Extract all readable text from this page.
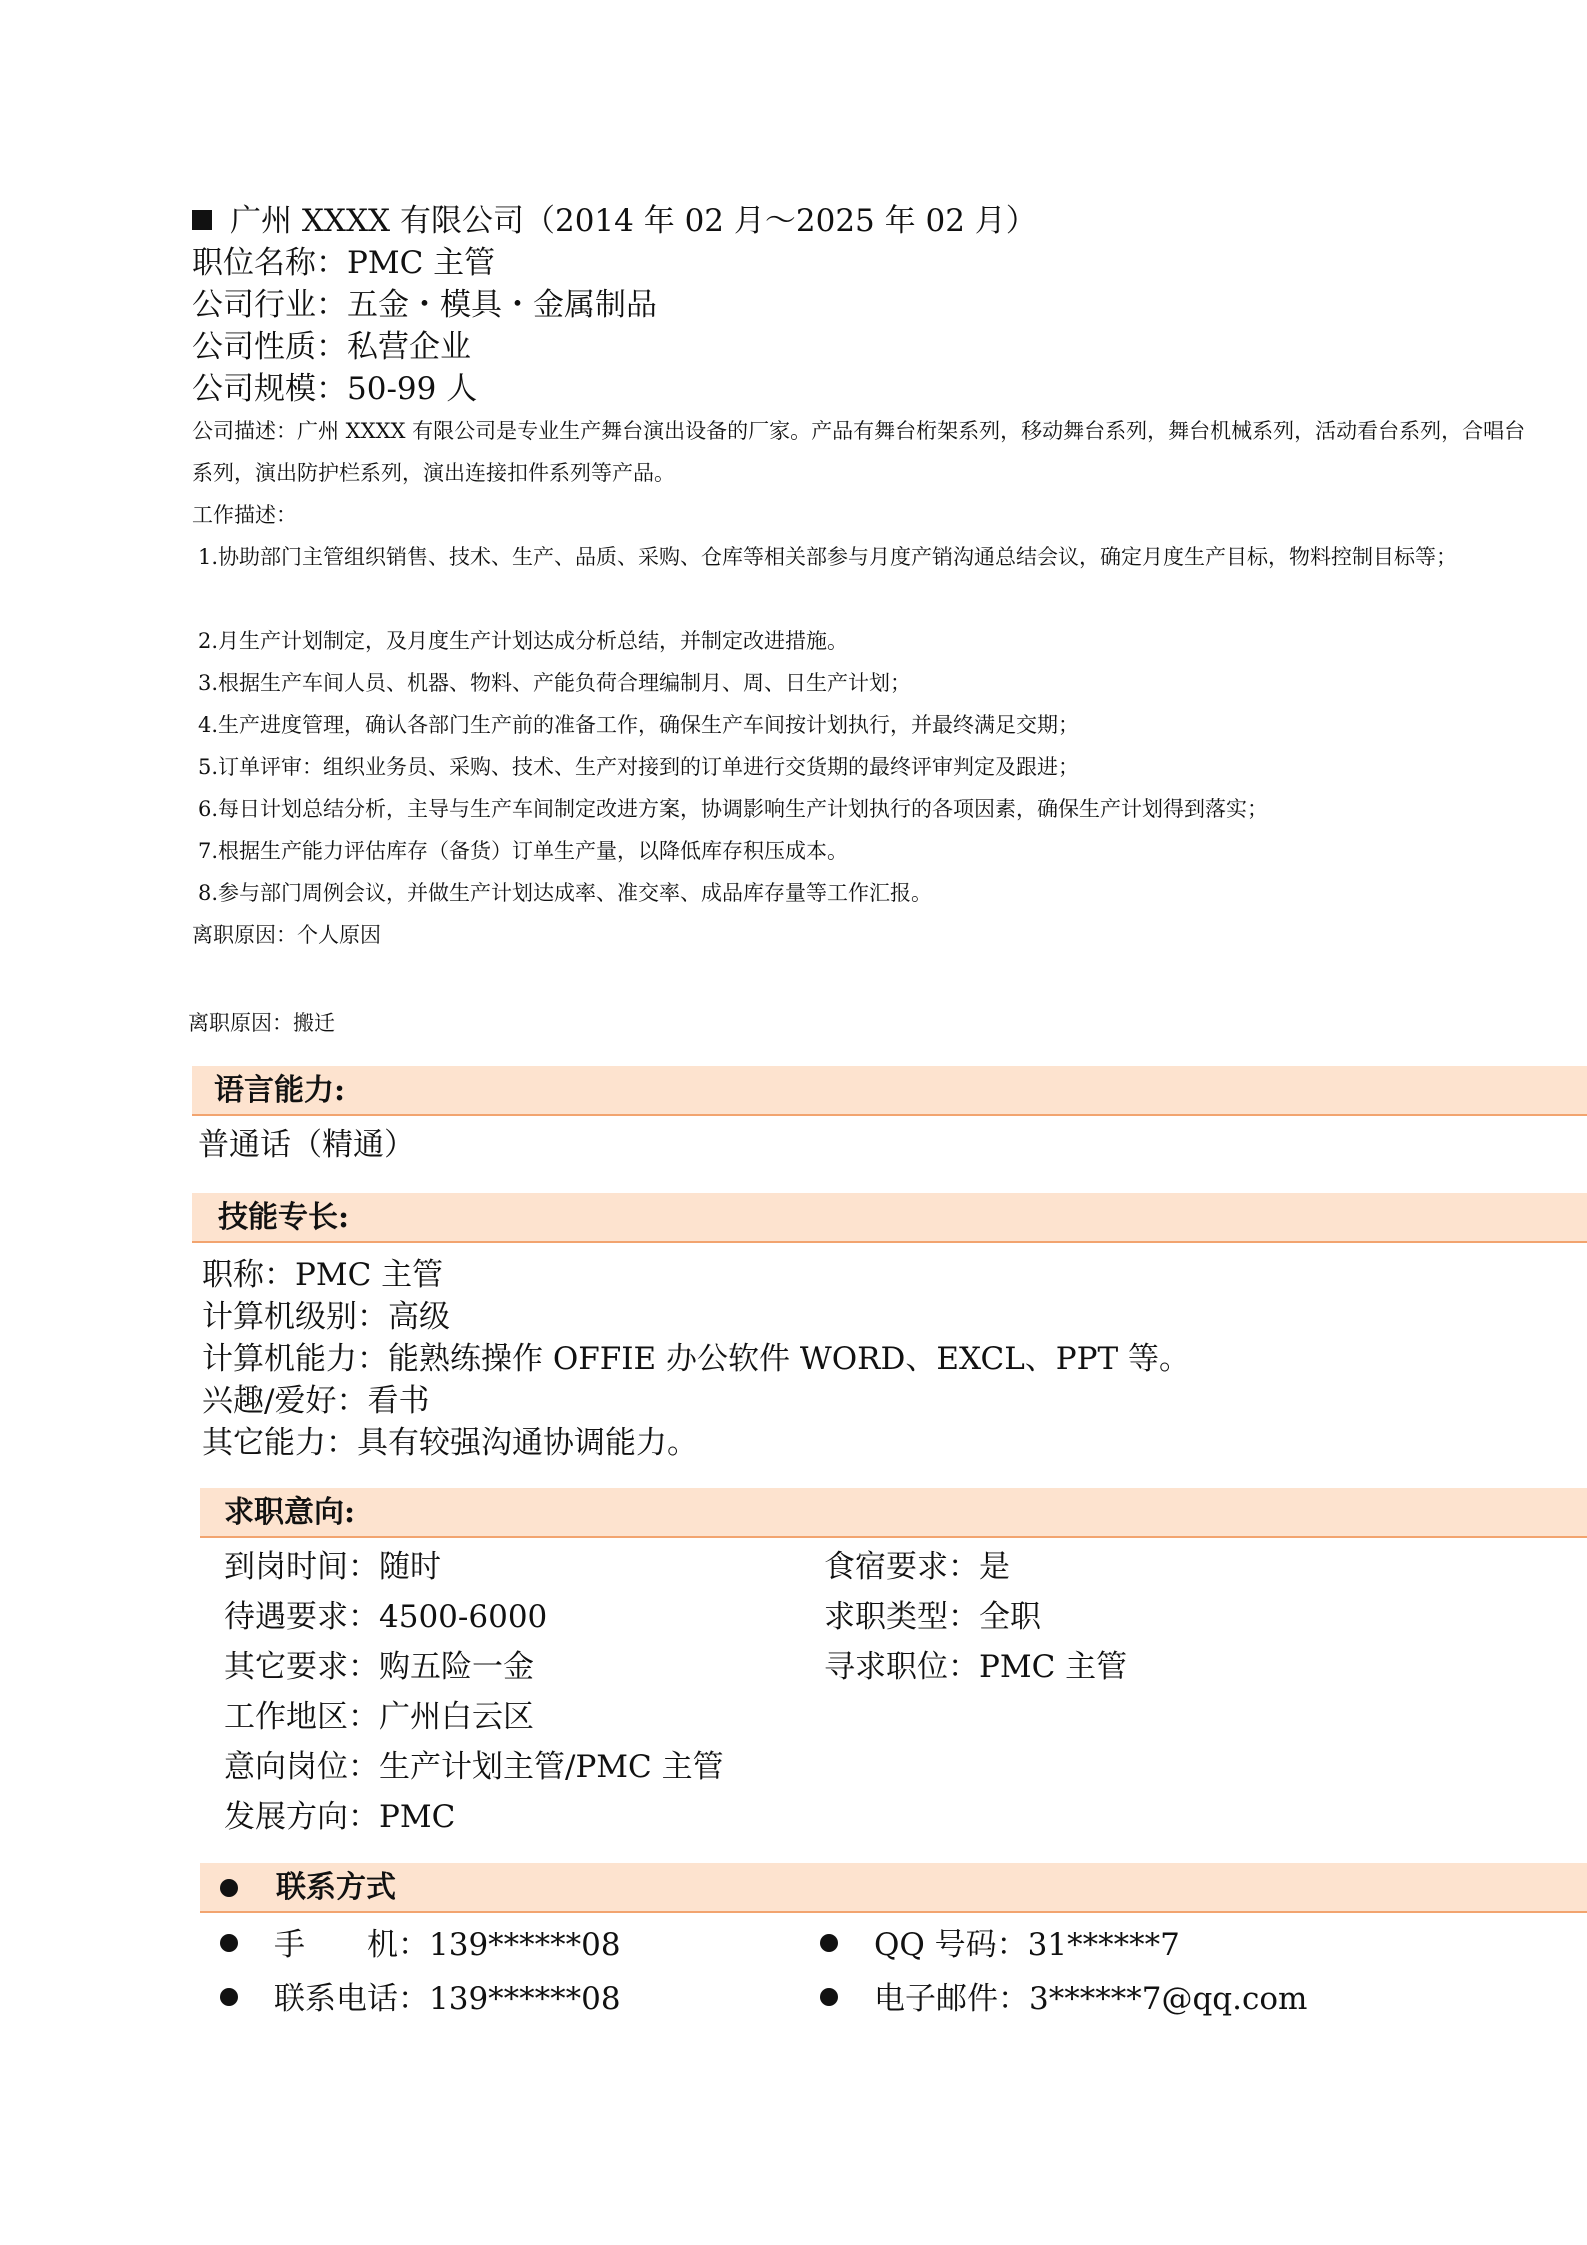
广州 XXXX 有限公司（2014 年 02 月～2025 年 02 月）
职位名称：PMC 主管
公司行业：五金・模具・金属制品
公司性质：私营企业
公司规模：50-99 人
公司描述：广州 XXXX 有限公司是专业生产舞台演出设备的厂家。产品有舞台桁架系列，移动舞台系列，舞台机械系列，活动看台系列，合唱台系列，演出防护栏系列，演出连接扣件系列等产品。
工作描述：
1.协助部门主管组织销售、技术、生产、品质、采购、仓库等相关部参与月度产销沟通总结会议，确定月度生产目标，物料控制目标等；
2.月生产计划制定，及月度生产计划达成分析总结，并制定改进措施。
3.根据生产车间人员、机器、物料、产能负荷合理编制月、周、日生产计划；
4.生产进度管理，确认各部门生产前的准备工作，确保生产车间按计划执行，并最终满足交期；
5.订单评审：组织业务员、采购、技术、生产对接到的订单进行交货期的最终评审判定及跟进；
6.每日计划总结分析，主导与生产车间制定改进方案，协调影响生产计划执行的各项因素，确保生产计划得到落实；
7.根据生产能力评估库存（备货）订单生产量，以降低库存积压成本。
8.参与部门周例会议，并做生产计划达成率、准交率、成品库存量等工作汇报。
离职原因：个人原因
离职原因：搬迁
语言能力:
普通话（精通）
技能专长:
职称：PMC 主管
计算机级别：高级
计算机能力：能熟练操作 OFFIE 办公软件 WORD、EXCL、PPT 等。
兴趣/爱好：看书
其它能力：具有较强沟通协调能力。
求职意向:
到岗时间：随时
待遇要求：4500-6000
其它要求：购五险一金
工作地区：广州白云区
意向岗位：生产计划主管/PMC 主管
发展方向：PMC
食宿要求：是
求职类型：全职
寻求职位：PMC 主管
联系方式
手　　机：139******08
联系电话：139******08
QQ 号码：31******7
电子邮件：3******7@qq.com
